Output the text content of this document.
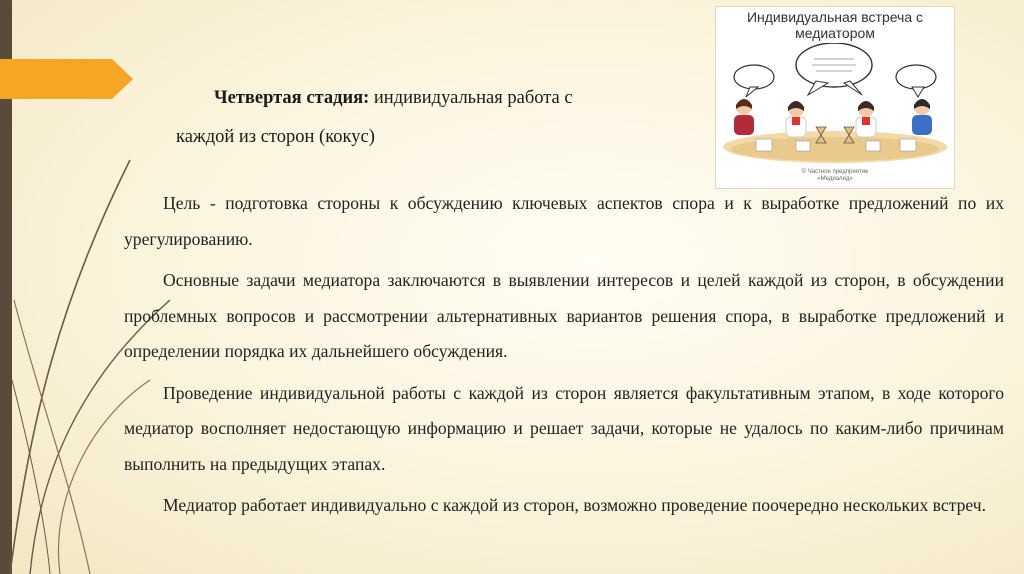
Четвертая стадия: индивидуальная работа с
каждой из сторон (кокус)

Цель - подготовка стороны к обсуждению ключевых аспектов спора и к выработке предложений по их урегулированию.

Основные задачи медиатора заключаются в выявлении интересов и целей каждой из сторон, в обсуждении проблемных вопросов и рассмотрении альтернативных вариантов решения спора, в выработке предложений и определении порядка их дальнейшего обсуждения.

Проведение индивидуальной работы с каждой из сторон является факультативным этапом, в ходе которого медиатор восполняет недостающую информацию и решает задачи, которые не удалось по каким-либо причинам выполнить на предыдущих этапах.

Медиатор работает индивидуально с каждой из сторон, возможно проведение поочередно нескольких встреч.

Индивидуальная встреча с
медиатором
© Частное предприятие
«Медиалид»
